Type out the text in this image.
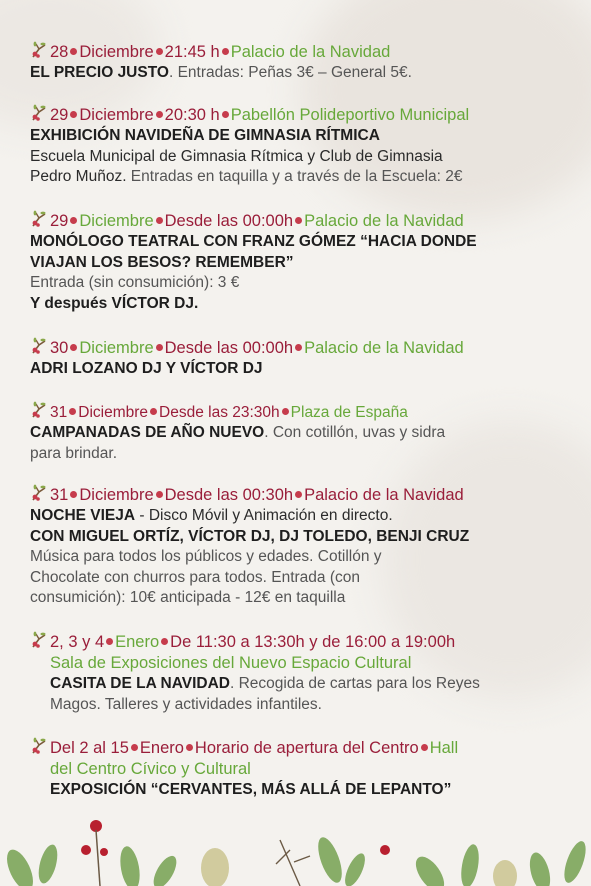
28 Diciembre 21:45 h Palacio de la Navidad
EL PRECIO JUSTO. Entradas: Peñas 3€ – General 5€.
29 Diciembre 20:30 h Pabellón Polideportivo Municipal
EXHIBICIÓN NAVIDEÑA DE GIMNASIA RÍTMICA
Escuela Municipal de Gimnasia Rítmica y Club de Gimnasia
Pedro Muñoz. Entradas en taquilla y a través de la Escuela: 2€
29 Diciembre Desde las 00:00h Palacio de la Navidad
MONÓLOGO TEATRAL CON FRANZ GÓMEZ “HACIA DONDE
VIAJAN LOS BESOS? REMEMBER”
Entrada (sin consumición): 3 €
Y después VÍCTOR DJ.
30 Diciembre Desde las 00:00h Palacio de la Navidad
ADRI LOZANO DJ Y VÍCTOR DJ
31 Diciembre Desde las 23:30h Plaza de España
CAMPANADAS DE AÑO NUEVO. Con cotillón, uvas y sidra
para brindar.
31 Diciembre Desde las 00:30h Palacio de la Navidad
NOCHE VIEJA - Disco Móvil y Animación en directo.
CON MIGUEL ORTÍZ, VÍCTOR DJ, DJ TOLEDO, BENJI CRUZ
Música para todos los públicos y edades. Cotillón y
Chocolate con churros para todos. Entrada (con
consumición): 10€ anticipada - 12€ en taquilla
2, 3 y 4 Enero De 11:30 a 13:30h y de 16:00 a 19:00h
Sala de Exposiciones del Nuevo Espacio Cultural
CASITA DE LA NAVIDAD. Recogida de cartas para los Reyes
Magos. Talleres y actividades infantiles.
Del 2 al 15 Enero Horario de apertura del Centro Hall
del Centro Cívico y Cultural
EXPOSICIÓN “CERVANTES, MÁS ALLÁ DE LEPANTO”
